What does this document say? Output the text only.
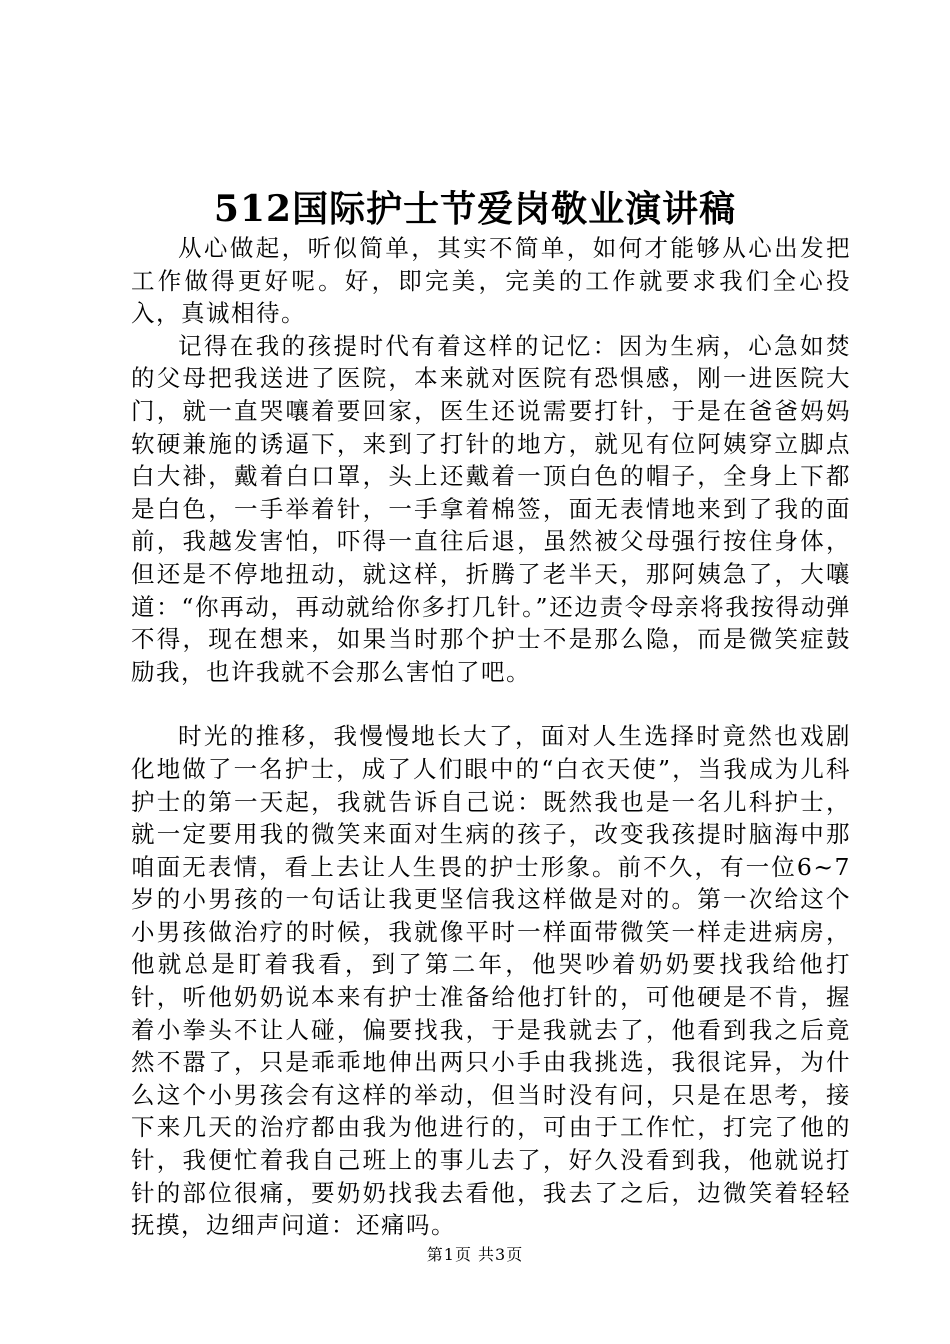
512国际护士节爱岗敬业演讲稿

从心做起，听似简单，其实不简单，如何才能够从心出发把工作做得更好呢。好，即完美，完美的工作就要求我们全心投入，真诚相待。

记得在我的孩提时代有着这样的记忆：因为生病，心急如焚的父母把我送进了医院，本来就对医院有恐惧感，刚一进医院大门，就一直哭嚷着要回家，医生还说需要打针，于是在爸爸妈妈软硬兼施的诱逼下，来到了打针的地方，就见有位阿姨穿立脚点白大褂，戴着白口罩，头上还戴着一顶白色的帽子，全身上下都是白色，一手举着针，一手拿着棉签，面无表情地来到了我的面前，我越发害怕，吓得一直往后退，虽然被父母强行按住身体，但还是不停地扭动，就这样，折腾了老半天，那阿姨急了，大嚷道：“你再动，再动就给你多打几针。”还边责令母亲将我按得动弹不得，现在想来，如果当时那个护士不是那么隐，而是微笑症鼓励我，也许我就不会那么害怕了吧。

时光的推移，我慢慢地长大了，面对人生选择时竟然也戏剧化地做了一名护士，成了人们眼中的“白衣天使”，当我成为儿科护士的第一天起，我就告诉自己说：既然我也是一名儿科护士，就一定要用我的微笑来面对生病的孩子，改变我孩提时脑海中那咱面无表情，看上去让人生畏的护士形象。前不久，有一位6~7岁的小男孩的一句话让我更坚信我这样做是对的。第一次给这个小男孩做治疗的时候，我就像平时一样面带微笑一样走进病房，他就总是盯着我看，到了第二年，他哭吵着奶奶要找我给他打针，听他奶奶说本来有护士准备给他打针的，可他硬是不肯，握着小拳头不让人碰，偏要找我，于是我就去了，他看到我之后竟然不嚣了，只是乖乖地伸出两只小手由我挑选，我很诧异，为什么这个小男孩会有这样的举动，但当时没有问，只是在思考，接下来几天的治疗都由我为他进行的，可由于工作忙，打完了他的针，我便忙着我自己班上的事儿去了，好久没看到我，他就说打针的部位很痛，要奶奶找我去看他，我去了之后，边微笑着轻轻抚摸，边细声问道：还痛吗。

第1页 共3页
